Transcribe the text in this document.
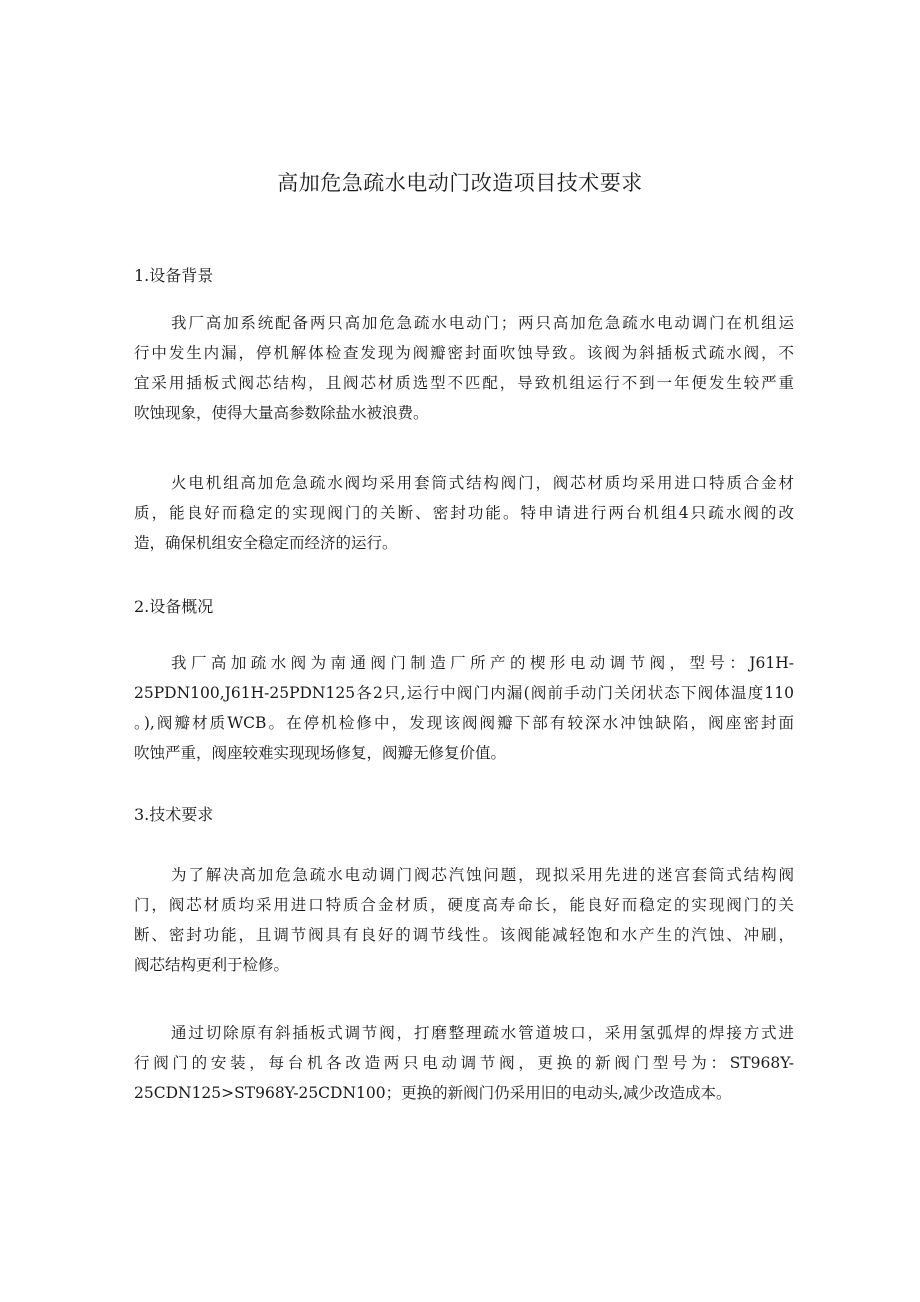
高加危急疏水电动门改造项目技术要求
1.设备背景

我厂高加系统配备两只高加危急疏水电动门；两只高加危急疏水电动调门在机组运
行中发生内漏，停机解体检查发现为阀瓣密封面吹蚀导致。该阀为斜插板式疏水阀，不
宜采用插板式阀芯结构，且阀芯材质选型不匹配，导致机组运行不到一年便发生较严重
吹蚀现象，使得大量高参数除盐水被浪费。

火电机组高加危急疏水阀均采用套筒式结构阀门，阀芯材质均采用进口特质合金材
质，能良好而稳定的实现阀门的关断、密封功能。特申请进行两台机组4只疏水阀的改
造，确保机组安全稳定而经济的运行。

2.设备概况

我厂高加疏水阀为南通阀门制造厂所产的楔形电动调节阀，型号：J61H-
25PDN100,J61H-25PDN125各2只,运行中阀门内漏(阀前手动门关闭状态下阀体温度110
。),阀瓣材质WCB。在停机检修中，发现该阀阀瓣下部有较深水冲蚀缺陷，阀座密封面
吹蚀严重，阀座较难实现现场修复，阀瓣无修复价值。

3.技术要求

为了解决高加危急疏水电动调门阀芯汽蚀问题，现拟采用先进的迷宫套筒式结构阀
门，阀芯材质均采用进口特质合金材质，硬度高寿命长，能良好而稳定的实现阀门的关
断、密封功能，且调节阀具有良好的调节线性。该阀能减轻饱和水产生的汽蚀、冲刷，
阀芯结构更利于检修。

通过切除原有斜插板式调节阀，打磨整理疏水管道坡口，采用氢弧焊的焊接方式进
行阀门的安装，每台机各改造两只电动调节阀，更换的新阀门型号为：ST968Y-
25CDN125>ST968Y-25CDN100；更换的新阀门仍采用旧的电动头,减少改造成本。
